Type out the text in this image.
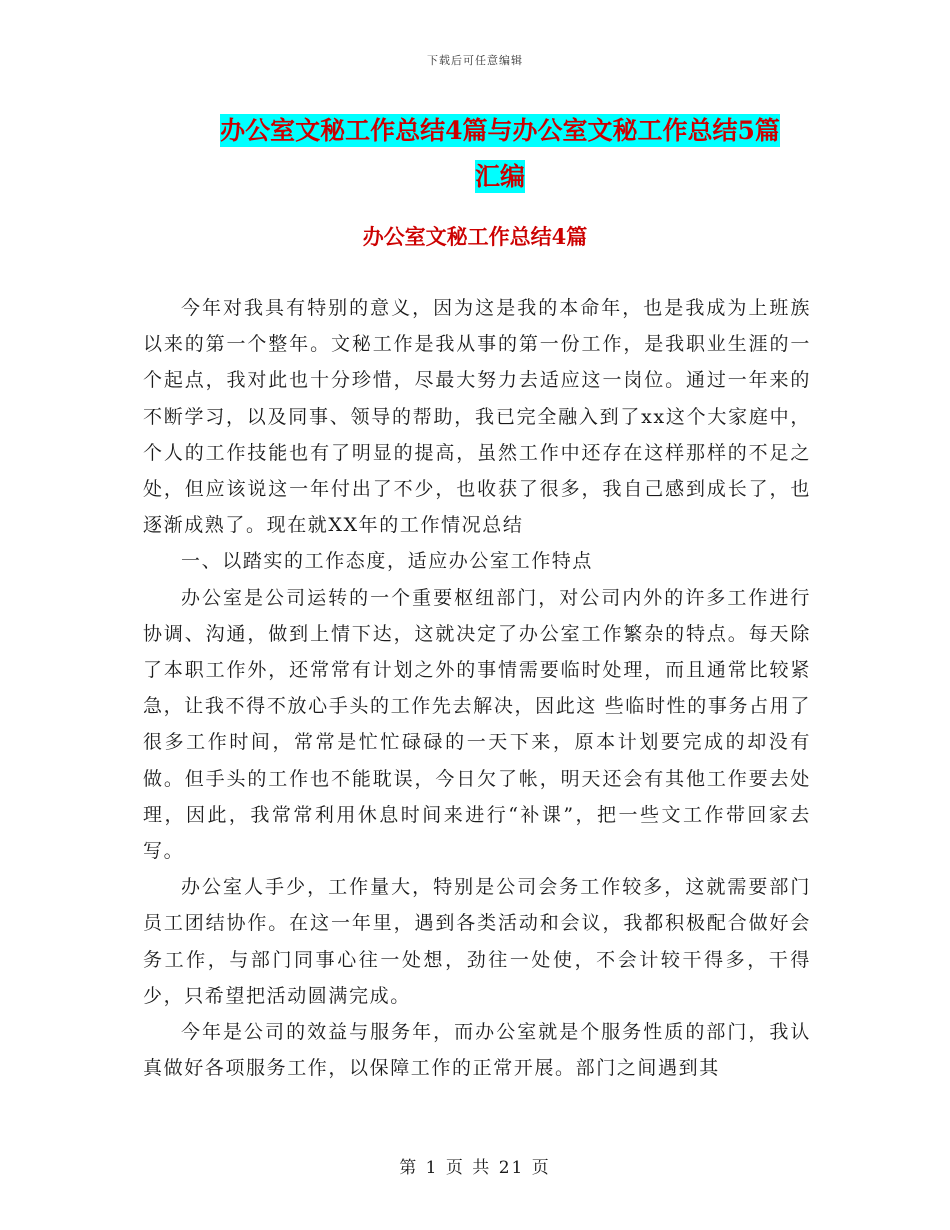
下载后可任意编辑
办公室文秘工作总结4篇与办公室文秘工作总结5篇
汇编
办公室文秘工作总结4篇

今年对我具有特别的意义，因为这是我的本命年，也是我成为上班族以来的第一个整年。文秘工作是我从事的第一份工作，是我职业生涯的一个起点，我对此也十分珍惜，尽最大努力去适应这一岗位。通过一年来的不断学习，以及同事、领导的帮助，我已完全融入到了xx这个大家庭中，个人的工作技能也有了明显的提高，虽然工作中还存在这样那样的不足之处，但应该说这一年付出了不少，也收获了很多，我自己感到成长了，也逐渐成熟了。现在就XX年的工作情况总结

一、以踏实的工作态度，适应办公室工作特点

办公室是公司运转的一个重要枢纽部门，对公司内外的许多工作进行协调、沟通，做到上情下达，这就决定了办公室工作繁杂的特点。每天除了本职工作外，还常常有计划之外的事情需要临时处理，而且通常比较紧急，让我不得不放心手头的工作先去解决，因此这 些临时性的事务占用了很多工作时间，常常是忙忙碌碌的一天下来，原本计划要完成的却没有做。但手头的工作也不能耽误，今日欠了帐，明天还会有其他工作要去处理，因此，我常常利用休息时间来进行“补课”，把一些文工作带回家去写。

办公室人手少，工作量大，特别是公司会务工作较多，这就需要部门员工团结协作。在这一年里，遇到各类活动和会议，我都积极配合做好会务工作，与部门同事心往一处想，劲往一处使，不会计较干得多，干得少，只希望把活动圆满完成。

今年是公司的效益与服务年，而办公室就是个服务性质的部门，我认真做好各项服务工作，以保障工作的正常开展。部门之间遇到其

第 1 页 共 21 页
